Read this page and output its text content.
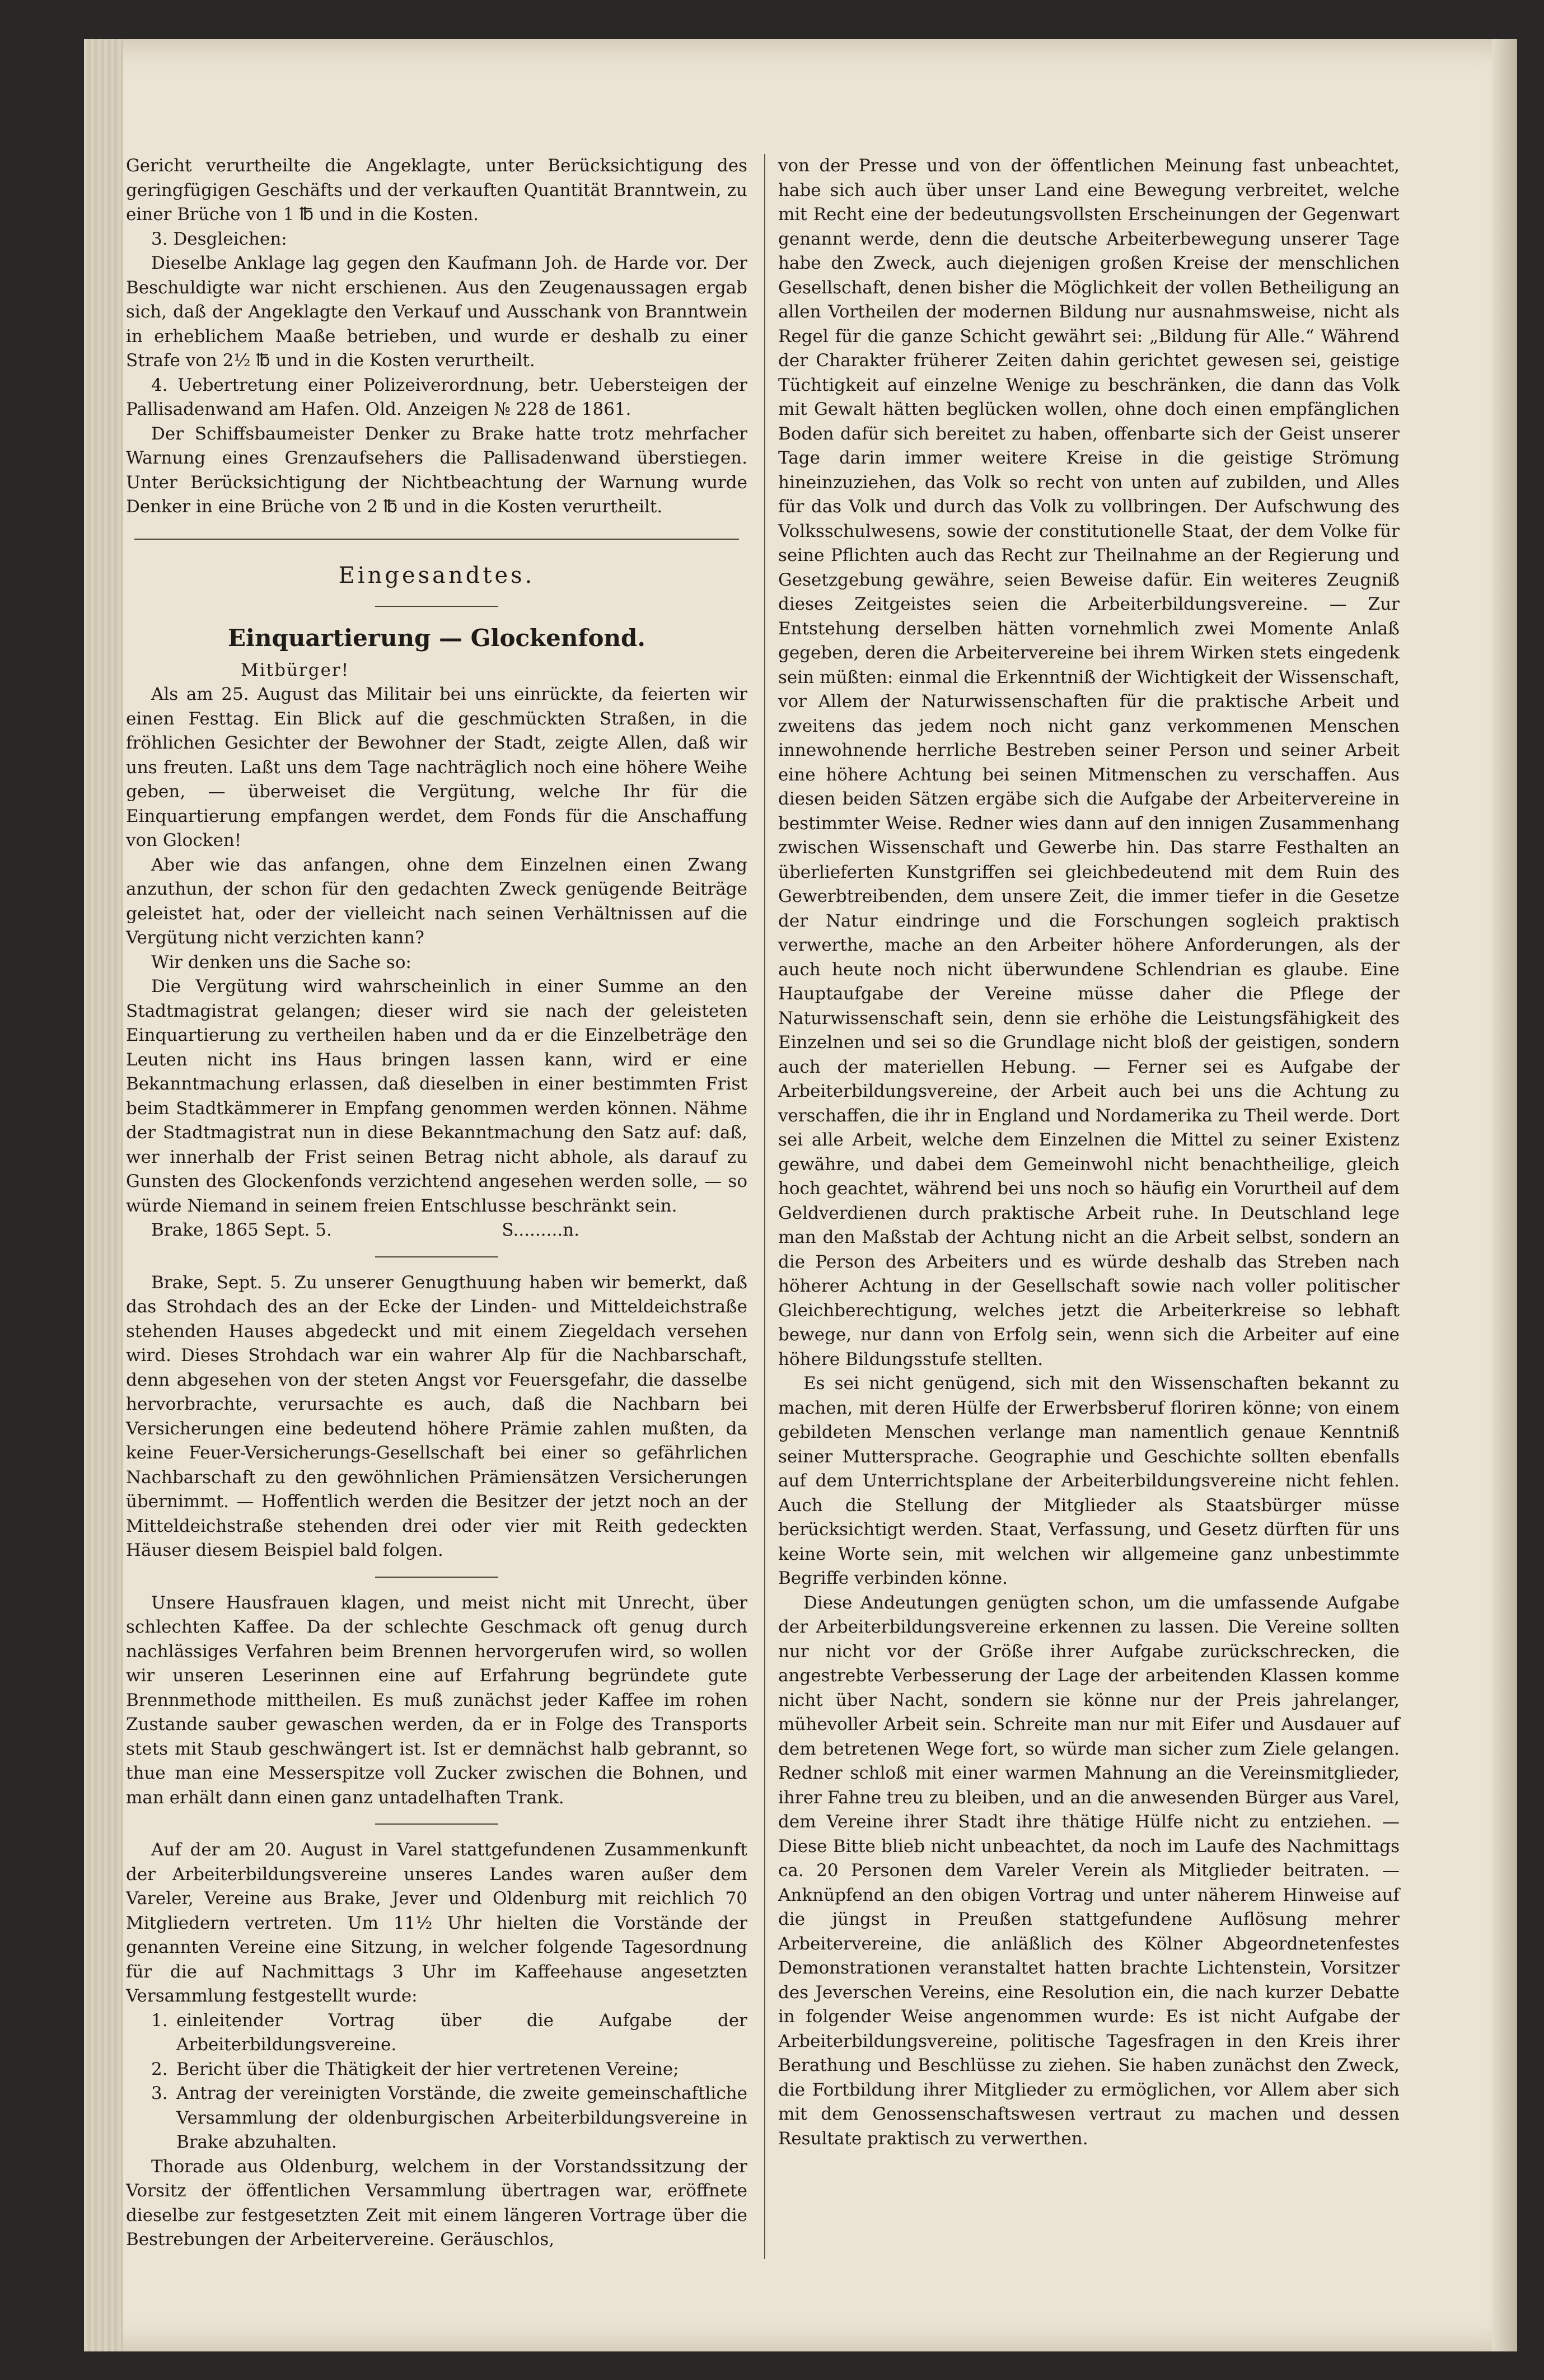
Gericht verurtheilte die Angeklagte, unter Berücksichtigung des geringfügigen Geschäfts und der verkauften Quantität Branntwein, zu einer Brüche von 1 ℔ und in die Kosten.

3. Desgleichen:

Dieselbe Anklage lag gegen den Kaufmann Joh. de Harde vor. Der Beschuldigte war nicht erschienen. Aus den Zeugenaussagen ergab sich, daß der Angeklagte den Verkauf und Ausschank von Branntwein in erheblichem Maaße betrieben, und wurde er deshalb zu einer Strafe von 2½ ℔ und in die Kosten verurtheilt.

4. Uebertretung einer Polizeiverordnung, betr. Uebersteigen der Pallisadenwand am Hafen. Old. Anzeigen № 228 de 1861.

Der Schiffsbaumeister Denker zu Brake hatte trotz mehrfacher Warnung eines Grenzaufsehers die Pallisadenwand überstiegen. Unter Berücksichtigung der Nichtbeachtung der Warnung wurde Denker in eine Brüche von 2 ℔ und in die Kosten verurtheilt.

Eingesandtes.
Einquartierung — Glockenfond.

Mitbürger!

Als am 25. August das Militair bei uns einrückte, da feierten wir einen Festtag. Ein Blick auf die geschmückten Straßen, in die fröhlichen Gesichter der Bewohner der Stadt, zeigte Allen, daß wir uns freuten. Laßt uns dem Tage nachträglich noch eine höhere Weihe geben, — überweiset die Vergütung, welche Ihr für die Einquartierung empfangen werdet, dem Fonds für die Anschaffung von Glocken!

Aber wie das anfangen, ohne dem Einzelnen einen Zwang anzuthun, der schon für den gedachten Zweck genügende Beiträge geleistet hat, oder der vielleicht nach seinen Verhältnissen auf die Vergütung nicht verzichten kann?

Wir denken uns die Sache so:

Die Vergütung wird wahrscheinlich in einer Summe an den Stadtmagistrat gelangen; dieser wird sie nach der geleisteten Einquartierung zu vertheilen haben und da er die Einzelbeträge den Leuten nicht ins Haus bringen lassen kann, wird er eine Bekanntmachung erlassen, daß dieselben in einer bestimmten Frist beim Stadtkämmerer in Empfang genommen werden können. Nähme der Stadtmagistrat nun in diese Bekanntmachung den Satz auf: daß, wer innerhalb der Frist seinen Betrag nicht abhole, als darauf zu Gunsten des Glockenfonds verzichtend angesehen werden solle, — so würde Niemand in seinem freien Entschlusse beschränkt sein.

Brake, 1865 Sept. 5.	S.........n.

Brake, Sept. 5. Zu unserer Genugthuung haben wir bemerkt, daß das Strohdach des an der Ecke der Linden- und Mitteldeichstraße stehenden Hauses abgedeckt und mit einem Ziegeldach versehen wird. Dieses Strohdach war ein wahrer Alp für die Nachbarschaft, denn abgesehen von der steten Angst vor Feuersgefahr, die dasselbe hervorbrachte, verursachte es auch, daß die Nachbarn bei Versicherungen eine bedeutend höhere Prämie zahlen mußten, da keine Feuer-Versicherungs-Gesellschaft bei einer so gefährlichen Nachbarschaft zu den gewöhnlichen Prämiensätzen Versicherungen übernimmt. — Hoffentlich werden die Besitzer der jetzt noch an der Mitteldeichstraße stehenden drei oder vier mit Reith gedeckten Häuser diesem Beispiel bald folgen.

Unsere Hausfrauen klagen, und meist nicht mit Unrecht, über schlechten Kaffee. Da der schlechte Geschmack oft genug durch nachlässiges Verfahren beim Brennen hervorgerufen wird, so wollen wir unseren Leserinnen eine auf Erfahrung begründete gute Brennmethode mittheilen. Es muß zunächst jeder Kaffee im rohen Zustande sauber gewaschen werden, da er in Folge des Transports stets mit Staub geschwängert ist. Ist er demnächst halb gebrannt, so thue man eine Messerspitze voll Zucker zwischen die Bohnen, und man erhält dann einen ganz untadelhaften Trank.

Auf der am 20. August in Varel stattgefundenen Zusammenkunft der Arbeiterbildungsvereine unseres Landes waren außer dem Vareler, Vereine aus Brake, Jever und Oldenburg mit reichlich 70 Mitgliedern vertreten. Um 11½ Uhr hielten die Vorstände der genannten Vereine eine Sitzung, in welcher folgende Tagesordnung für die auf Nachmittags 3 Uhr im Kaffeehause angesetzten Versammlung festgestellt wurde:

1. einleitender Vortrag über die Aufgabe der Arbeiterbildungsvereine.
2. Bericht über die Thätigkeit der hier vertretenen Vereine;
3. Antrag der vereinigten Vorstände, die zweite gemeinschaftliche Versammlung der oldenburgischen Arbeiterbildungsvereine in Brake abzuhalten.

Thorade aus Oldenburg, welchem in der Vorstandssitzung der Vorsitz der öffentlichen Versammlung übertragen war, eröffnete dieselbe zur festgesetzten Zeit mit einem längeren Vortrage über die Bestrebungen der Arbeitervereine. Geräuschlos,

von der Presse und von der öffentlichen Meinung fast unbeachtet, habe sich auch über unser Land eine Bewegung verbreitet, welche mit Recht eine der bedeutungsvollsten Erscheinungen der Gegenwart genannt werde, denn die deutsche Arbeiterbewegung unserer Tage habe den Zweck, auch diejenigen großen Kreise der menschlichen Gesellschaft, denen bisher die Möglichkeit der vollen Betheiligung an allen Vortheilen der modernen Bildung nur ausnahmsweise, nicht als Regel für die ganze Schicht gewährt sei: „Bildung für Alle.“ Während der Charakter früherer Zeiten dahin gerichtet gewesen sei, geistige Tüchtigkeit auf einzelne Wenige zu beschränken, die dann das Volk mit Gewalt hätten beglücken wollen, ohne doch einen empfänglichen Boden dafür sich bereitet zu haben, offenbarte sich der Geist unserer Tage darin immer weitere Kreise in die geistige Strömung hineinzuziehen, das Volk so recht von unten auf zubilden, und Alles für das Volk und durch das Volk zu vollbringen. Der Aufschwung des Volksschulwesens, sowie der constitutionelle Staat, der dem Volke für seine Pflichten auch das Recht zur Theilnahme an der Regierung und Gesetzgebung gewähre, seien Beweise dafür. Ein weiteres Zeugniß dieses Zeitgeistes seien die Arbeiterbildungsvereine. — Zur Entstehung derselben hätten vornehmlich zwei Momente Anlaß gegeben, deren die Arbeitervereine bei ihrem Wirken stets eingedenk sein müßten: einmal die Erkenntniß der Wichtigkeit der Wissenschaft, vor Allem der Naturwissenschaften für die praktische Arbeit und zweitens das jedem noch nicht ganz verkommenen Menschen innewohnende herrliche Bestreben seiner Person und seiner Arbeit eine höhere Achtung bei seinen Mitmenschen zu verschaffen. Aus diesen beiden Sätzen ergäbe sich die Aufgabe der Arbeitervereine in bestimmter Weise. Redner wies dann auf den innigen Zusammenhang zwischen Wissenschaft und Gewerbe hin. Das starre Festhalten an überlieferten Kunstgriffen sei gleichbedeutend mit dem Ruin des Gewerbtreibenden, dem unsere Zeit, die immer tiefer in die Gesetze der Natur eindringe und die Forschungen sogleich praktisch verwerthe, mache an den Arbeiter höhere Anforderungen, als der auch heute noch nicht überwundene Schlendrian es glaube. Eine Hauptaufgabe der Vereine müsse daher die Pflege der Naturwissenschaft sein, denn sie erhöhe die Leistungsfähigkeit des Einzelnen und sei so die Grundlage nicht bloß der geistigen, sondern auch der materiellen Hebung. — Ferner sei es Aufgabe der Arbeiterbildungsvereine, der Arbeit auch bei uns die Achtung zu verschaffen, die ihr in England und Nordamerika zu Theil werde. Dort sei alle Arbeit, welche dem Einzelnen die Mittel zu seiner Existenz gewähre, und dabei dem Gemeinwohl nicht benachtheilige, gleich hoch geachtet, während bei uns noch so häufig ein Vorurtheil auf dem Geldverdienen durch praktische Arbeit ruhe. In Deutschland lege man den Maßstab der Achtung nicht an die Arbeit selbst, sondern an die Person des Arbeiters und es würde deshalb das Streben nach höherer Achtung in der Gesellschaft sowie nach voller politischer Gleichberechtigung, welches jetzt die Arbeiterkreise so lebhaft bewege, nur dann von Erfolg sein, wenn sich die Arbeiter auf eine höhere Bildungsstufe stellten.

Es sei nicht genügend, sich mit den Wissenschaften bekannt zu machen, mit deren Hülfe der Erwerbsberuf floriren könne; von einem gebildeten Menschen verlange man namentlich genaue Kenntniß seiner Muttersprache. Geographie und Geschichte sollten ebenfalls auf dem Unterrichtsplane der Arbeiterbildungsvereine nicht fehlen. Auch die Stellung der Mitglieder als Staatsbürger müsse berücksichtigt werden. Staat, Verfassung, und Gesetz dürften für uns keine Worte sein, mit welchen wir allgemeine ganz unbestimmte Begriffe verbinden könne.

Diese Andeutungen genügten schon, um die umfassende Aufgabe der Arbeiterbildungsvereine erkennen zu lassen. Die Vereine sollten nur nicht vor der Größe ihrer Aufgabe zurückschrecken, die angestrebte Verbesserung der Lage der arbeitenden Klassen komme nicht über Nacht, sondern sie könne nur der Preis jahrelanger, mühevoller Arbeit sein. Schreite man nur mit Eifer und Ausdauer auf dem betretenen Wege fort, so würde man sicher zum Ziele gelangen. Redner schloß mit einer warmen Mahnung an die Vereinsmitglieder, ihrer Fahne treu zu bleiben, und an die anwesenden Bürger aus Varel, dem Vereine ihrer Stadt ihre thätige Hülfe nicht zu entziehen. — Diese Bitte blieb nicht unbeachtet, da noch im Laufe des Nachmittags ca. 20 Personen dem Vareler Verein als Mitglieder beitraten. — Anknüpfend an den obigen Vortrag und unter näherem Hinweise auf die jüngst in Preußen stattgefundene Auflösung mehrer Arbeitervereine, die anläßlich des Kölner Abgeordnetenfestes Demonstrationen veranstaltet hatten brachte Lichtenstein, Vorsitzer des Jeverschen Vereins, eine Resolution ein, die nach kurzer Debatte in folgender Weise angenommen wurde: Es ist nicht Aufgabe der Arbeiterbildungsvereine, politische Tagesfragen in den Kreis ihrer Berathung und Beschlüsse zu ziehen. Sie haben zunächst den Zweck, die Fortbildung ihrer Mitglieder zu ermöglichen, vor Allem aber sich mit dem Genossenschaftswesen vertraut zu machen und dessen Resultate praktisch zu verwerthen.
